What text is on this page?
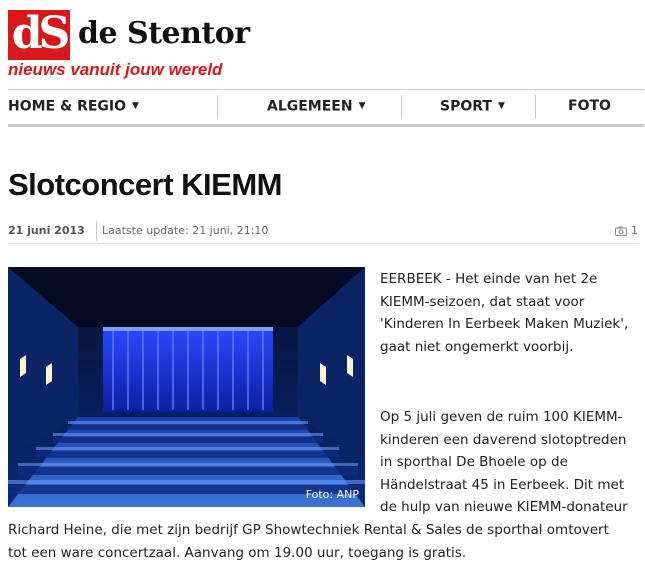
dS de Stentor
nieuws vanuit jouw wereld
HOME & REGIO ▼	ALGEMEEN ▼	SPORT ▼	FOTO
Slotconcert KIEMM
21 juni 2013 Laatste update: 21 juni, 21:10	1
Foto: ANP
EERBEEK - Het einde van het 2e KIEMM-seizoen, dat staat voor 'Kinderen In Eerbeek Maken Muziek', gaat niet ongemerkt voorbij.
Op 5 juli geven de ruim 100 KIEMM-
kinderen een daverend slotoptreden
in sporthal De Bhoele op de
Händelstraat 45 in Eerbeek. Dit met
de hulp van nieuwe KIEMM-donateur
Richard Heine, die met zijn bedrijf GP Showtechniek Rental & Sales de sporthal omtovert
tot een ware concertzaal. Aanvang om 19.00 uur, toegang is gratis.
